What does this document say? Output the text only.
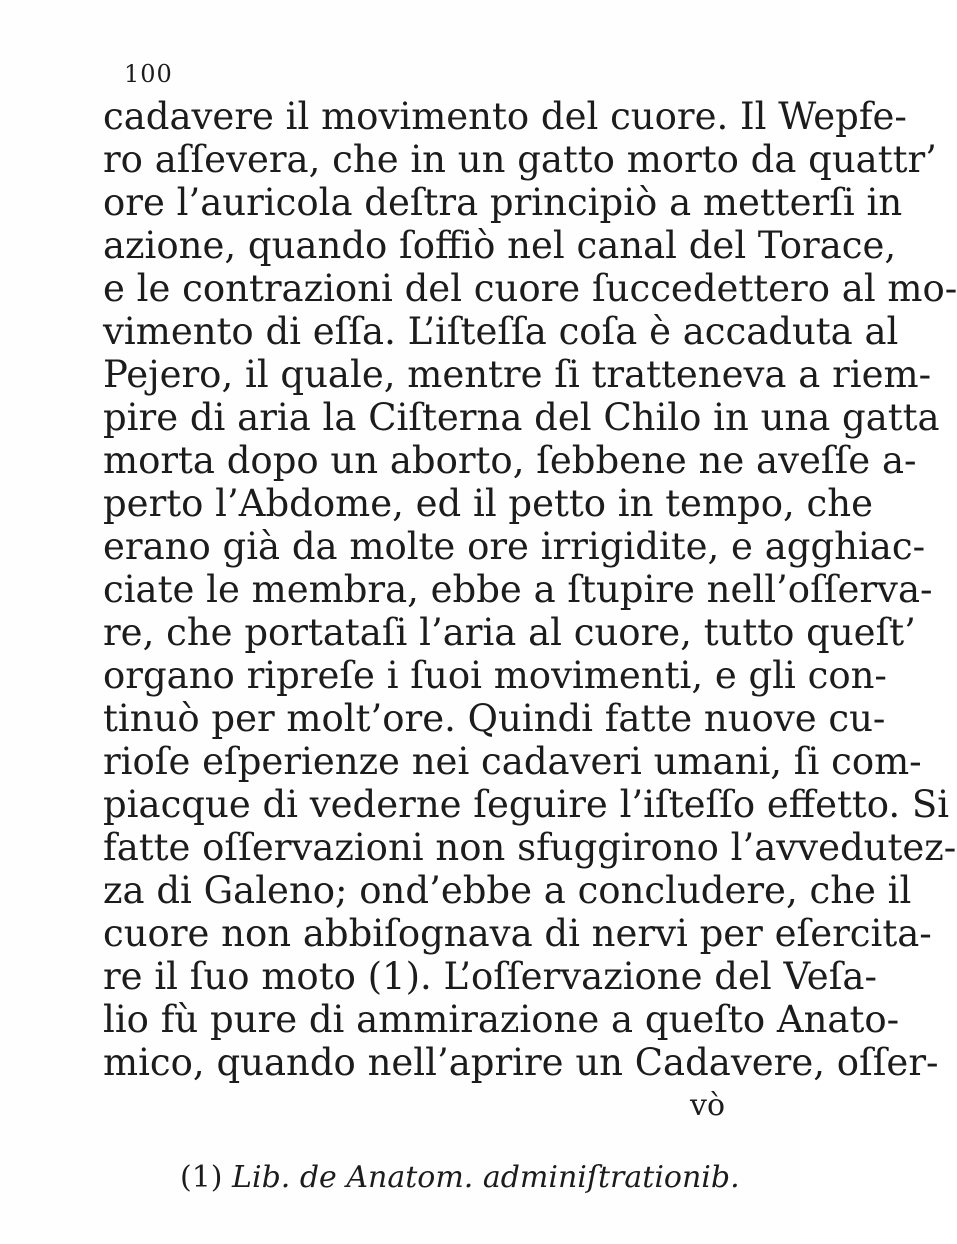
100
cadavere il movimento del cuore. Il Wepfe-
ro aſſevera, che in un gatto morto da quattr’
ore l’auricola deſtra principiò a metterſi in
azione, quando ſoffiò nel canal del Torace,
e le contrazioni del cuore ſuccedettero al mo-
vimento di eſſa. L’iſteſſa coſa è accaduta al
Pejero, il quale, mentre ſi tratteneva a riem-
pire di aria la Ciſterna del Chilo in una gatta
morta dopo un aborto, ſebbene ne aveſſe a-
perto l’Abdome, ed il petto in tempo, che
erano già da molte ore irrigidite, e agghiac-
ciate le membra, ebbe a ſtupire nell’oſſerva-
re, che portataſi l’aria al cuore, tutto queſt’
organo ripreſe i ſuoi movimenti, e gli con-
tinuò per molt’ore. Quindi fatte nuove cu-
rioſe eſperienze nei cadaveri umani, ſi com-
piacque di vederne ſeguire l’iſteſſo effetto. Si
fatte oſſervazioni non sfuggirono l’avvedutez-
za di Galeno; ond’ebbe a concludere, che il
cuore non abbiſognava di nervi per eſercita-
re il ſuo moto (1). L’oſſervazione del Veſa-
lio fù pure di ammirazione a queſto Anato-
mico, quando nell’aprire un Cadavere, oſſer-
vò
(1) Lib. de Anatom. adminiſtrationib.
